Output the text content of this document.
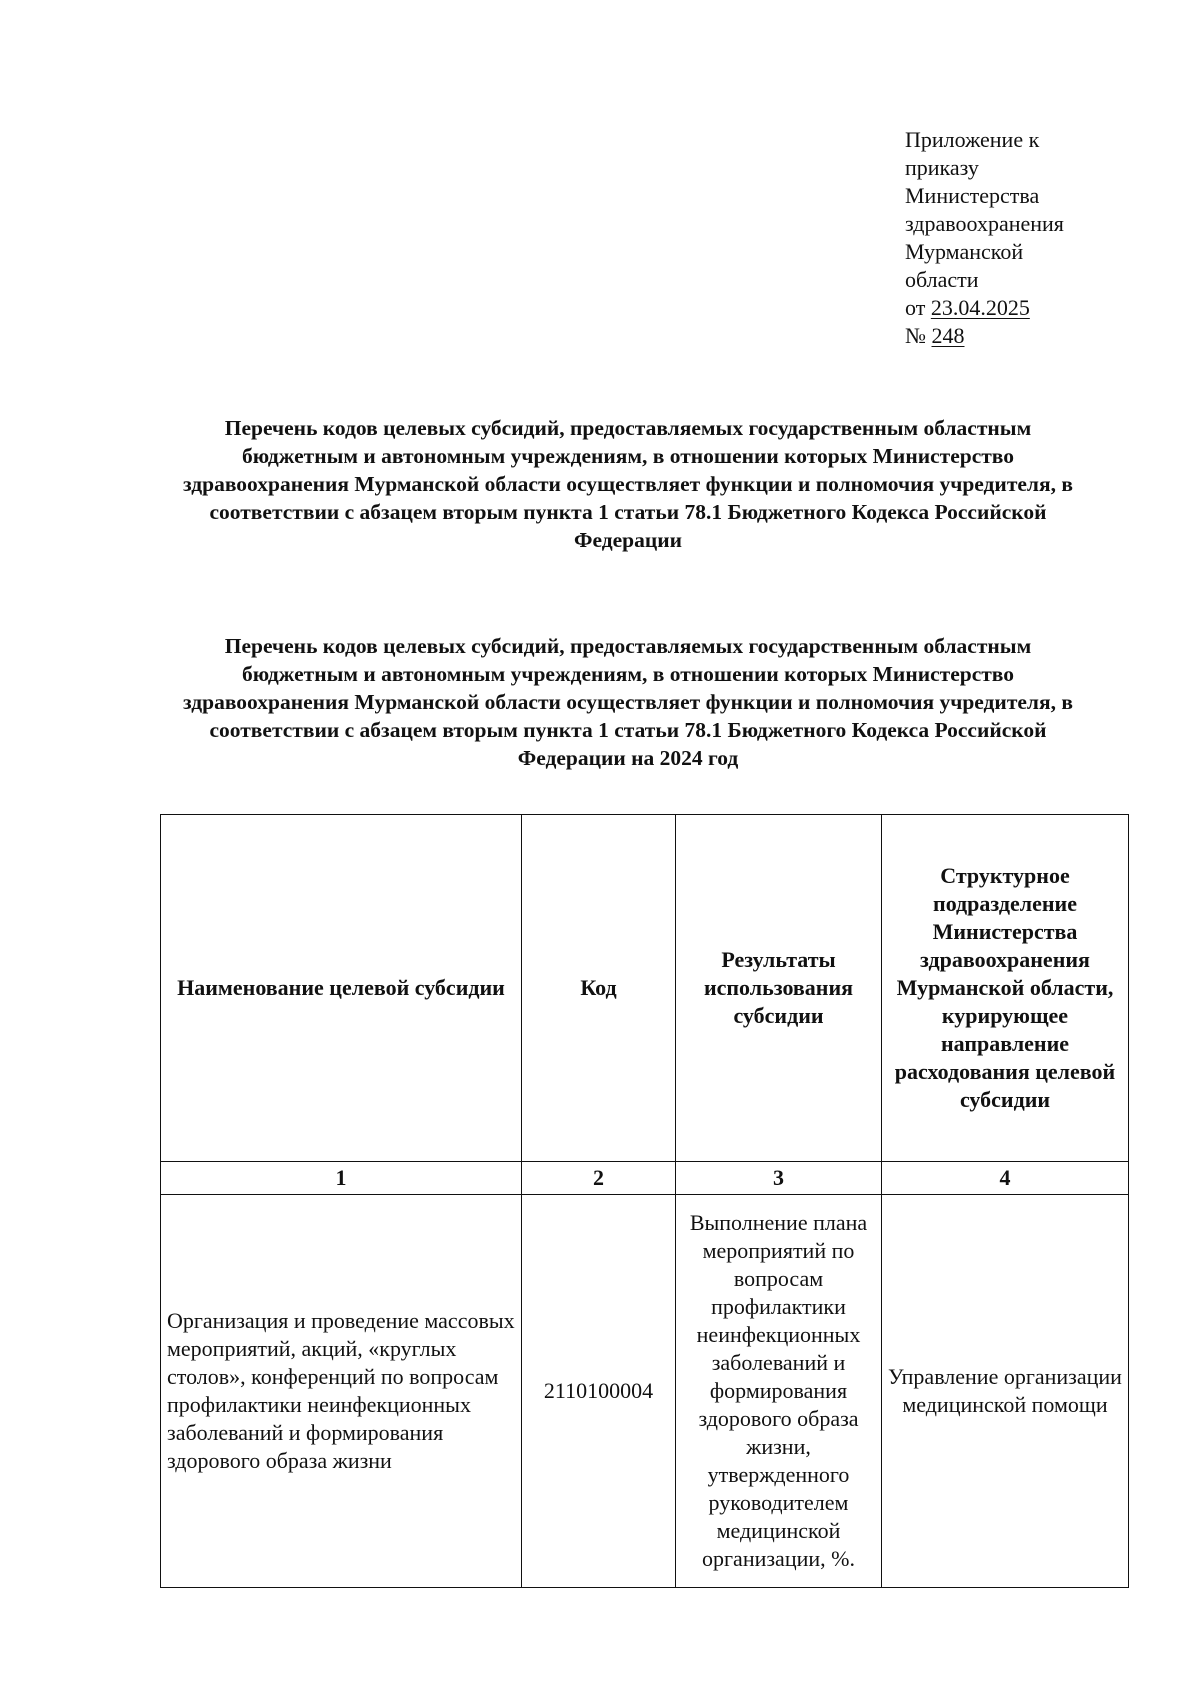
Приложение к
приказу
Министерства
здравоохранения
Мурманской
области
от 23.04.2025
№ 248
Перечень кодов целевых субсидий, предоставляемых государственным областным бюджетным и автономным учреждениям, в отношении которых Министерство здравоохранения Мурманской области осуществляет функции и полномочия учредителя, в соответствии с абзацем вторым пункта 1 статьи 78.1 Бюджетного Кодекса Российской Федерации
Перечень кодов целевых субсидий, предоставляемых государственным областным бюджетным и автономным учреждениям, в отношении которых Министерство здравоохранения Мурманской области осуществляет функции и полномочия учредителя, в соответствии с абзацем вторым пункта 1 статьи 78.1 Бюджетного Кодекса Российской Федерации на 2024 год
Наименование целевой субсидии	Код	Результаты использования субсидии	Структурное подразделение Министерства здравоохранения Мурманской области, курирующее направление расходования целевой субсидии
1	2	3	4
Организация и проведение массовых мероприятий, акций, «круглых столов», конференций по вопросам профилактики неинфекционных заболеваний и формирования здорового образа жизни	2110100004	Выполнение плана мероприятий по вопросам профилактики неинфекционных заболеваний и формирования здорового образа жизни, утвержденного руководителем медицинской организации, %.	Управление организации медицинской помощи
